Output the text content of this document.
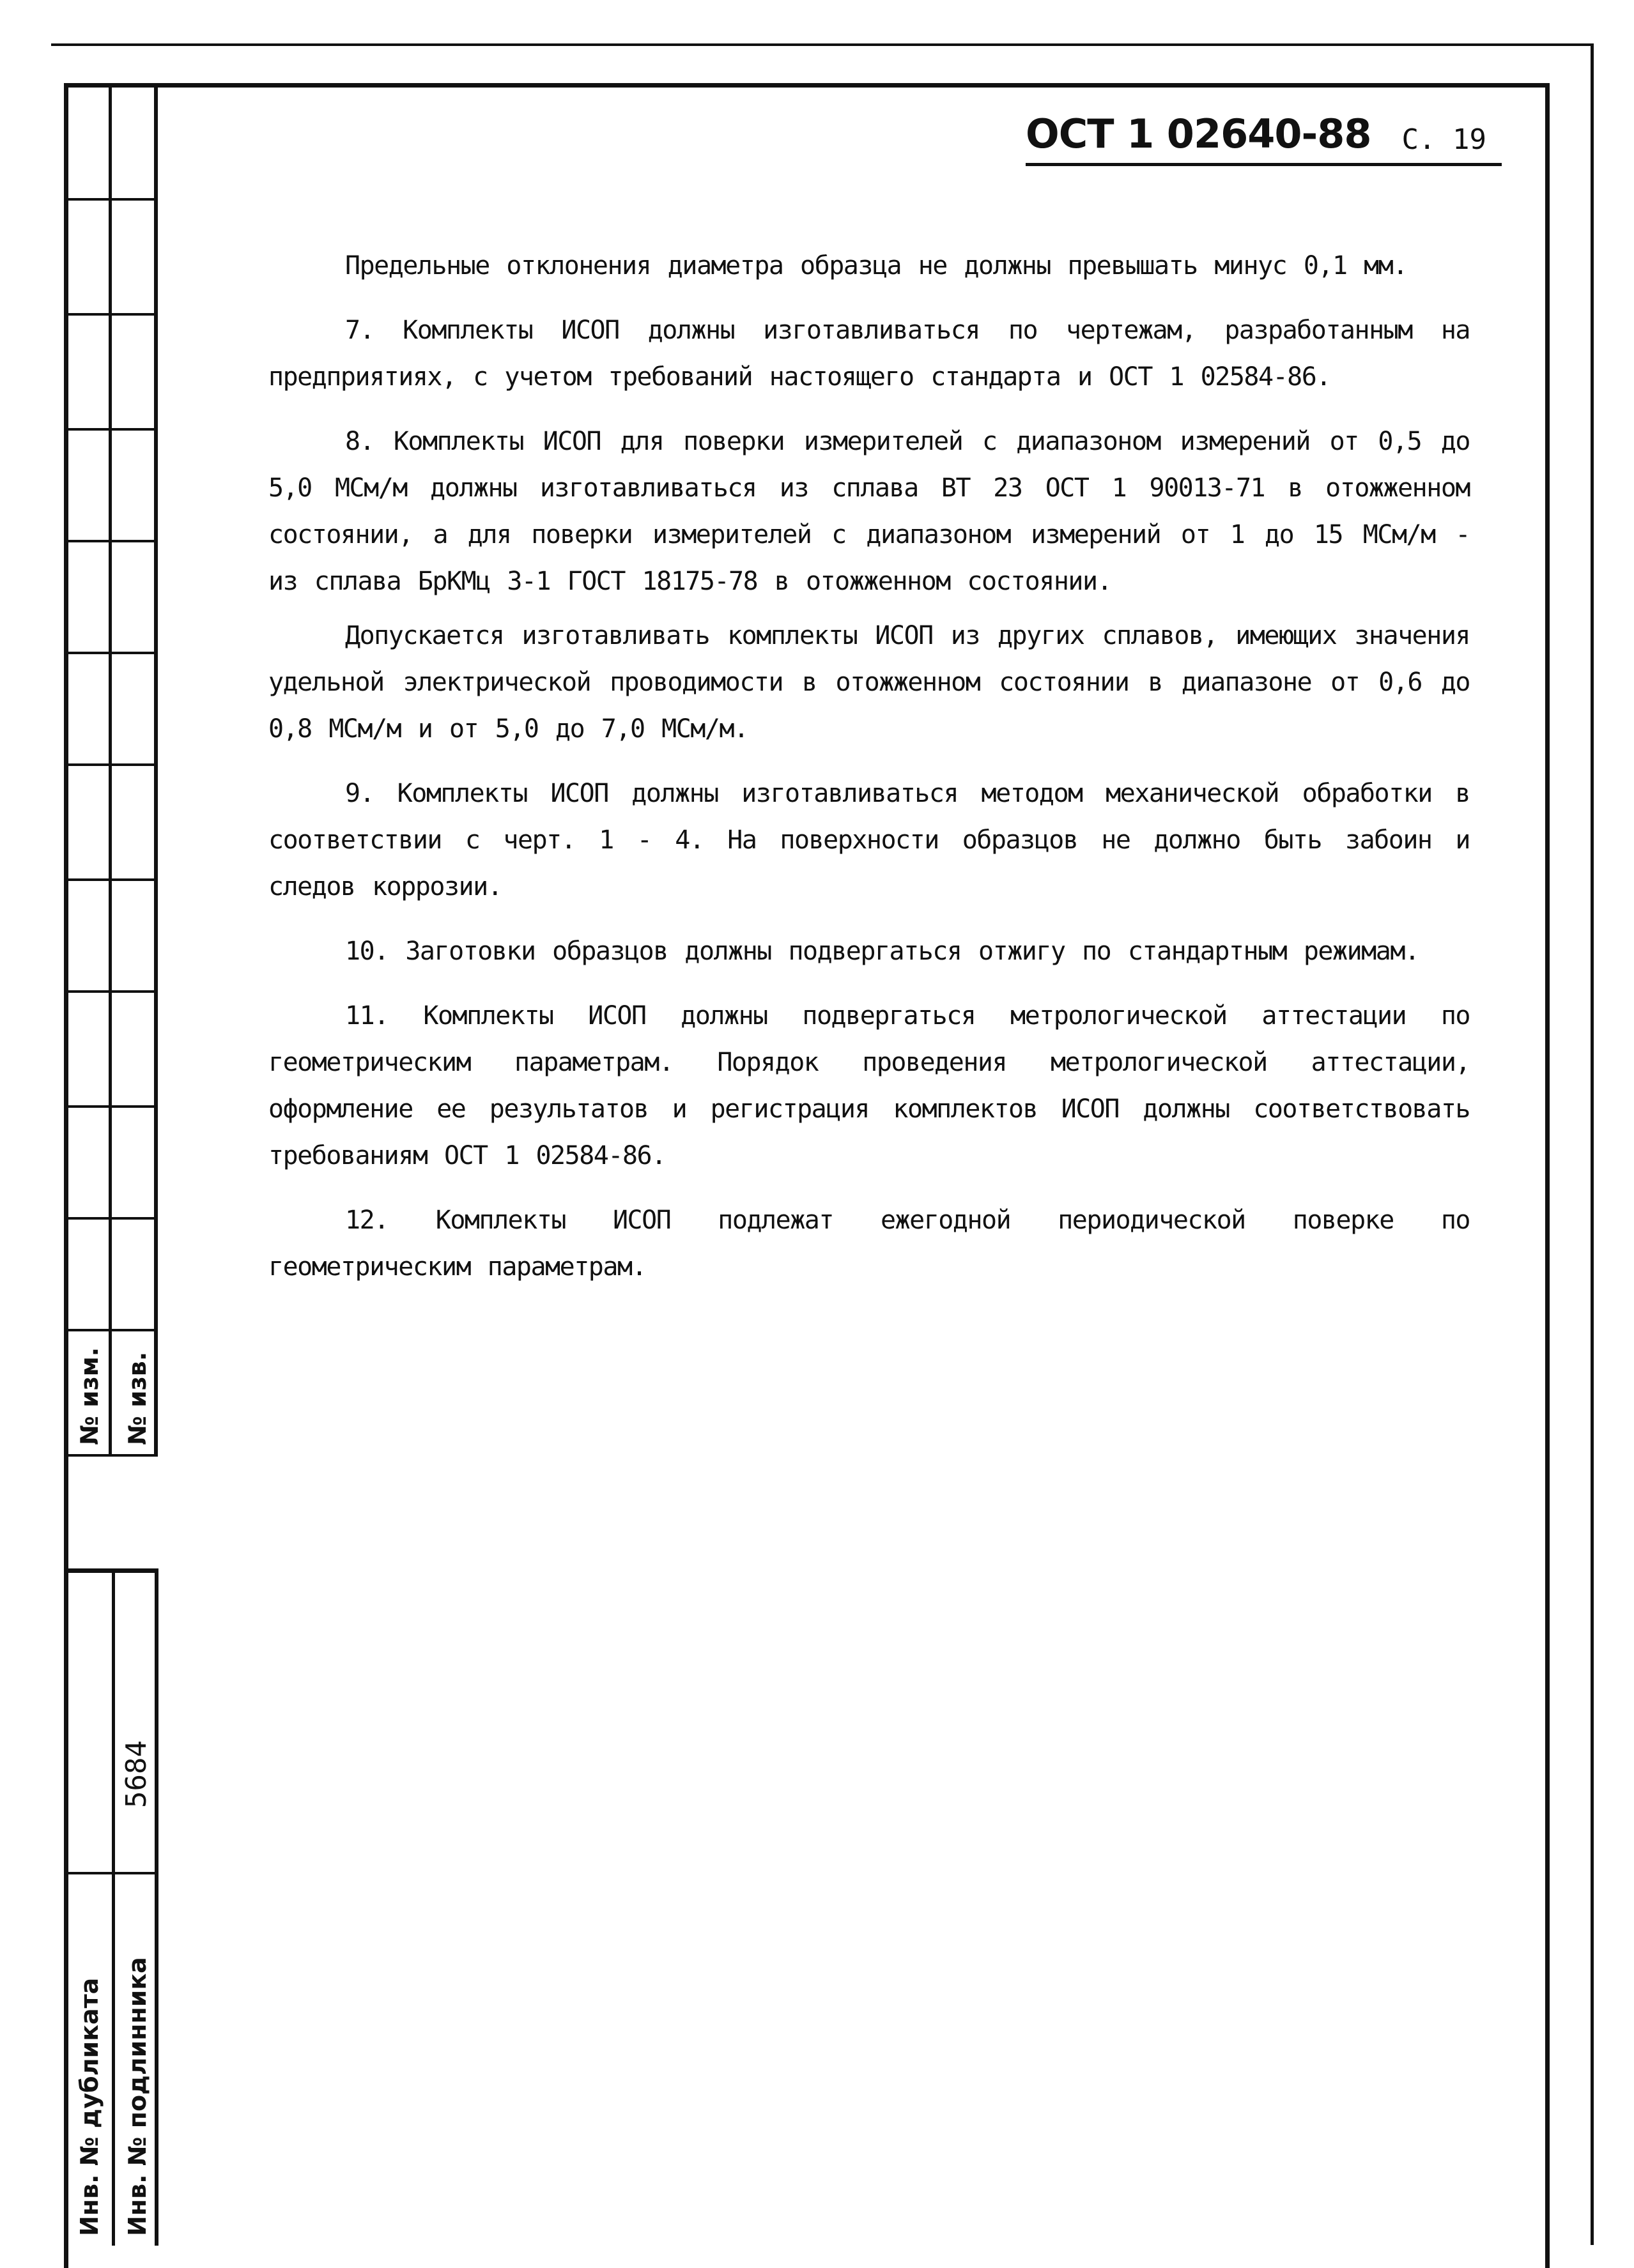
№ изм. № изв.
Инв. № дубликата Инв. № подлинника
5684
ОСТ 1 02640-88 С. 19

Предельные отклонения диаметра образца не должны превышать минус 0,1 мм.

7. Комплекты ИСОП должны изготавливаться по чертежам, разработанным на предприятиях, с учетом требований настоящего стандарта и ОСТ 1 02584-86.

8. Комплекты ИСОП для поверки измерителей с диапазоном измерений от 0,5 до 5,0 МСм/м должны изготавливаться из сплава ВТ 23 ОСТ 1 90013-71 в отожженном состоянии, а для поверки измерителей с диапазоном измерений от 1 до 15 МСм/м - из сплава БрКМц 3-1 ГОСТ 18175-78 в отожженном состоянии.

Допускается изготавливать комплекты ИСОП из других сплавов, имеющих значения удельной электрической проводимости в отожженном состоянии в диапазоне от 0,6 до 0,8 МСм/м и от 5,0 до 7,0 МСм/м.

9. Комплекты ИСОП должны изготавливаться методом механической обработки в соответствии с черт. 1 - 4. На поверхности образцов не должно быть забоин и следов коррозии.

10. Заготовки образцов должны подвергаться отжигу по стандартным режимам.

11. Комплекты ИСОП должны подвергаться метрологической аттестации по геометрическим параметрам. Порядок проведения метрологической аттестации, оформление ее результатов и регистрация комплектов ИСОП должны соответствовать требованиям ОСТ 1 02584-86.

12. Комплекты ИСОП подлежат ежегодной периодической поверке по геометрическим параметрам.
